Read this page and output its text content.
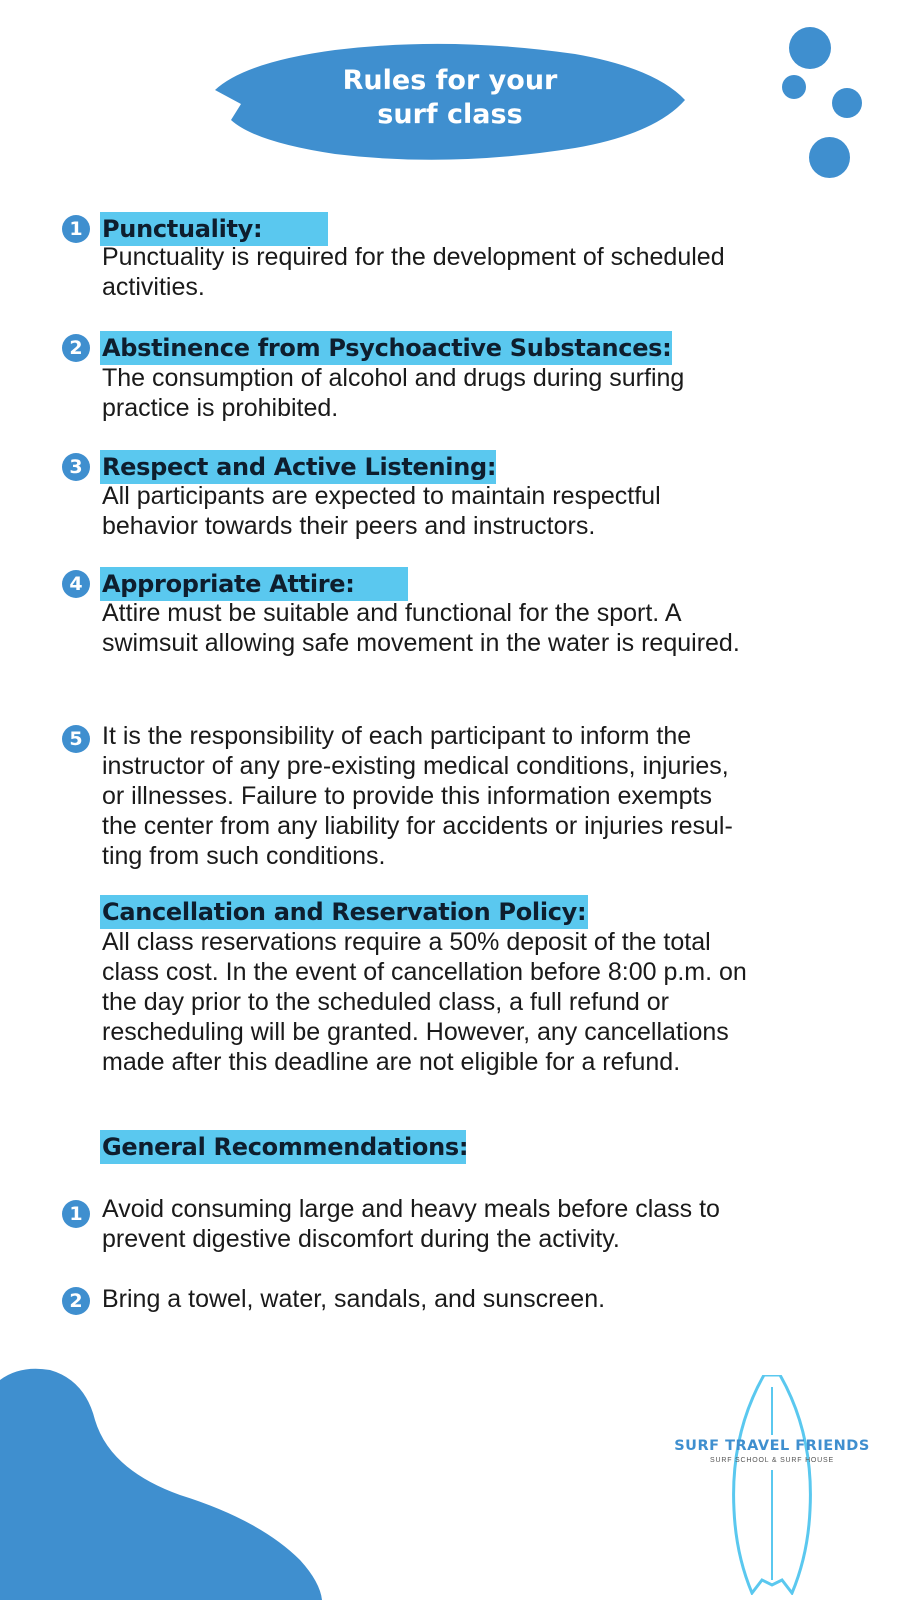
Rules for your
surf class
1 Punctuality:
Punctuality is required for the development of scheduled
activities.
2 Abstinence from Psychoactive Substances:
The consumption of alcohol and drugs during surfing
practice is prohibited.
3 Respect and Active Listening:
All participants are expected to maintain respectful
behavior towards their peers and instructors.
4 Appropriate Attire:
Attire must be suitable and functional for the sport. A
swimsuit allowing safe movement in the water is required.
5 It is the responsibility of each participant to inform the
instructor of any pre-existing medical conditions, injuries,
or illnesses. Failure to provide this information exempts
the center from any liability for accidents or injuries resul-
ting from such conditions.
Cancellation and Reservation Policy:
All class reservations require a 50% deposit of the total
class cost. In the event of cancellation before 8:00 p.m. on
the day prior to the scheduled class, a full refund or
rescheduling will be granted. However, any cancellations
made after this deadline are not eligible for a refund.
General Recommendations:
1 Avoid consuming large and heavy meals before class to
prevent digestive discomfort during the activity.
2 Bring a towel, water, sandals, and sunscreen.
SURF TRAVEL FRIENDS
SURF SCHOOL & SURF HOUSE
